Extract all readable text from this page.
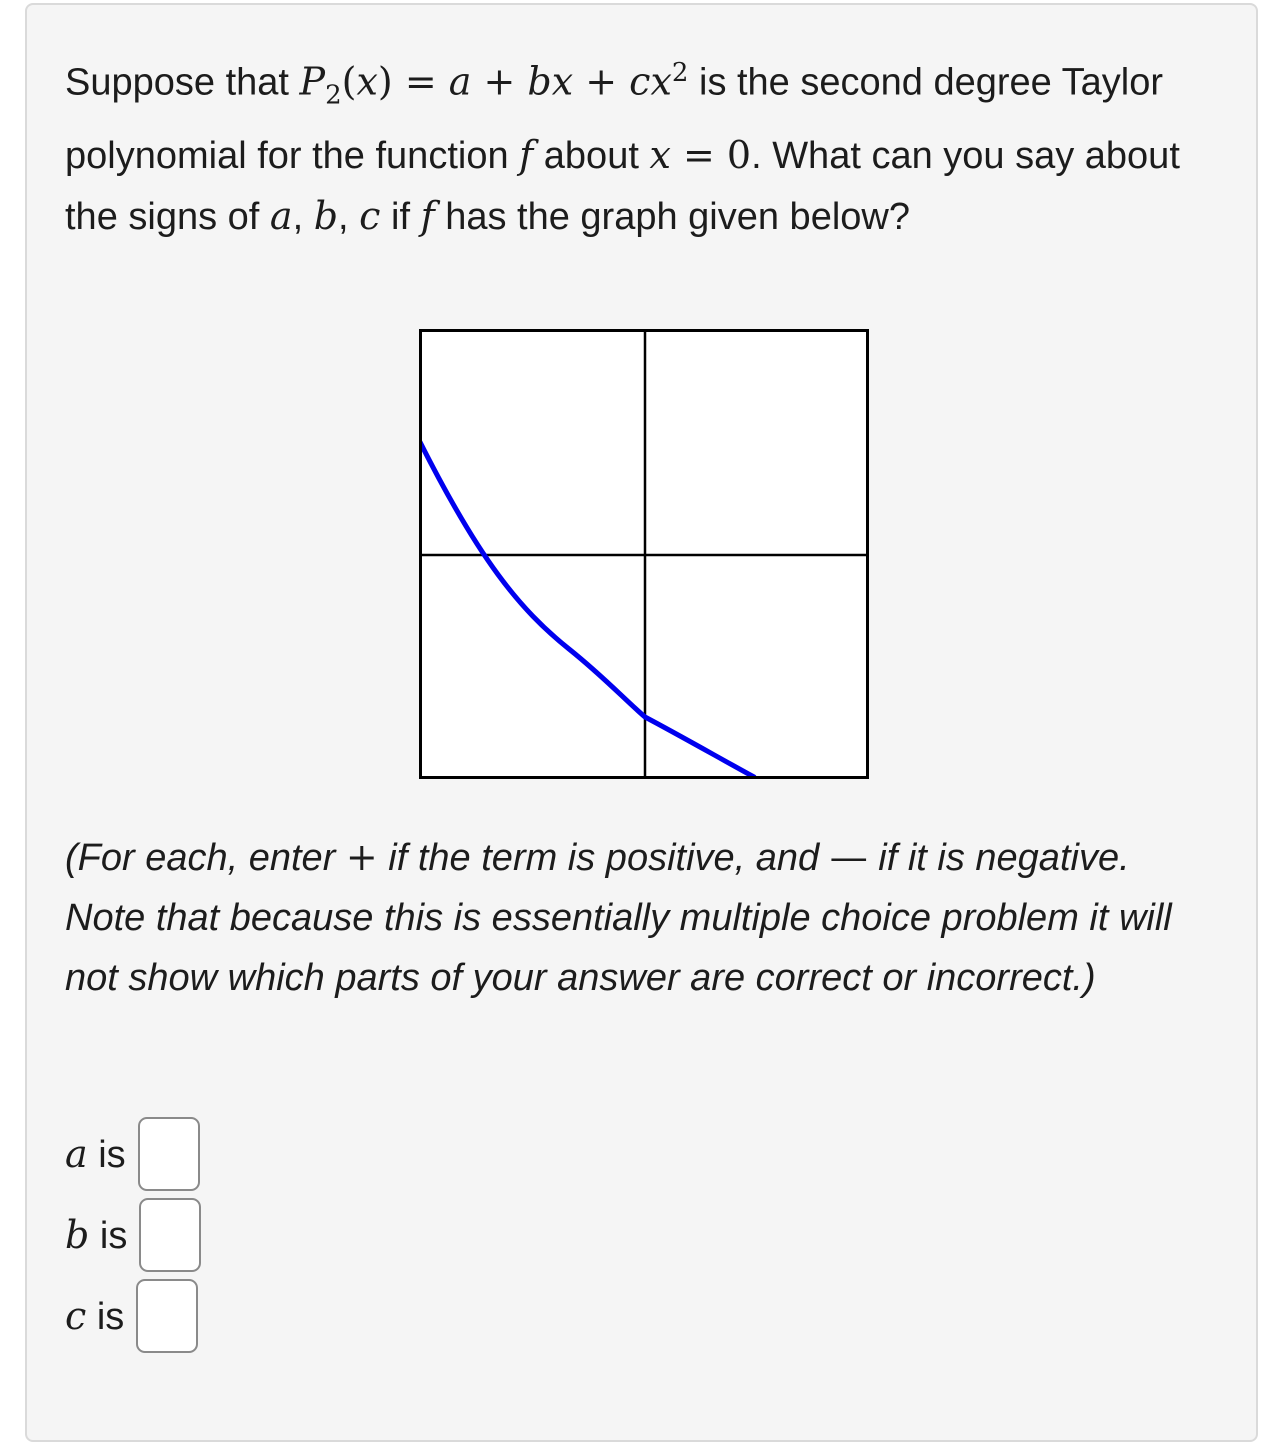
Suppose that $P_2(x) = a$ + bx + $cx^2$ is the second degree Taylor polynomial for the function f about x = 0. What can you say about the signs of a, b, c if f has the graph given below?

(For each, enter + if the term is positive, and — if it is negative. Note that because this is essentially multiple choice problem it will not show which parts of your answer are correct or incorrect.)

a is
b is
c is
